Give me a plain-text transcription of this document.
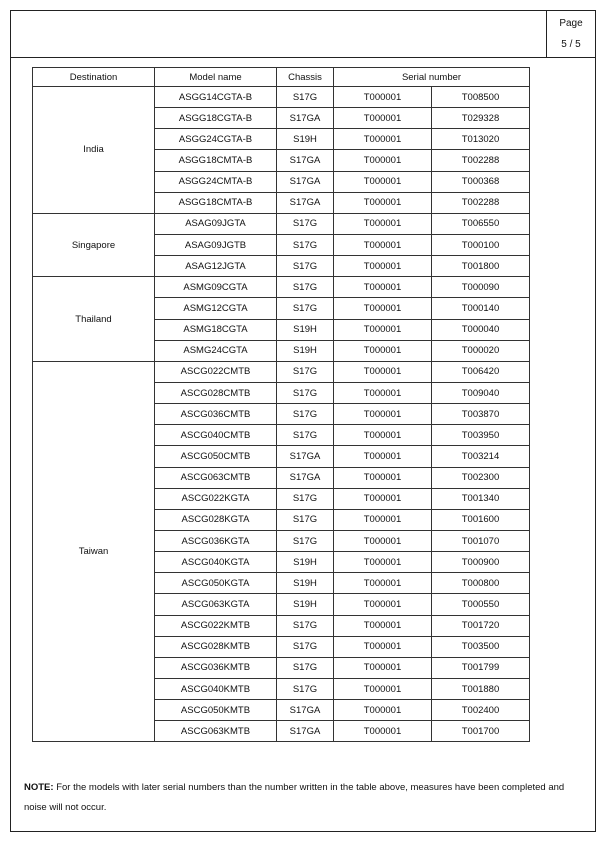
Page
5 / 5
Destination	Model name	Chassis	Serial number	
India	ASGG14CGTA-B	S17G	T000001	T008500
	ASGG18CGTA-B	S17GA	T000001	T029328
	ASGG24CGTA-B	S19H	T000001	T013020
	ASGG18CMTA-B	S17GA	T000001	T002288
	ASGG24CMTA-B	S17GA	T000001	T000368
	ASGG18CMTA-B	S17GA	T000001	T002288
Singapore	ASAG09JGTA	S17G	T000001	T006550
	ASAG09JGTB	S17G	T000001	T000100
	ASAG12JGTA	S17G	T000001	T001800
Thailand	ASMG09CGTA	S17G	T000001	T000090
	ASMG12CGTA	S17G	T000001	T000140
	ASMG18CGTA	S19H	T000001	T000040
	ASMG24CGTA	S19H	T000001	T000020
Taiwan	ASCG022CMTB	S17G	T000001	T006420
	ASCG028CMTB	S17G	T000001	T009040
	ASCG036CMTB	S17G	T000001	T003870
	ASCG040CMTB	S17G	T000001	T003950
	ASCG050CMTB	S17GA	T000001	T003214
	ASCG063CMTB	S17GA	T000001	T002300
	ASCG022KGTA	S17G	T000001	T001340
	ASCG028KGTA	S17G	T000001	T001600
	ASCG036KGTA	S17G	T000001	T001070
	ASCG040KGTA	S19H	T000001	T000900
	ASCG050KGTA	S19H	T000001	T000800
	ASCG063KGTA	S19H	T000001	T000550
	ASCG022KMTB	S17G	T000001	T001720
	ASCG028KMTB	S17G	T000001	T003500
	ASCG036KMTB	S17G	T000001	T001799
	ASCG040KMTB	S17G	T000001	T001880
	ASCG050KMTB	S17GA	T000001	T002400
	ASCG063KMTB	S17GA	T000001	T001700
NOTE: For the models with later serial numbers than the number written in the table above, measures have been completed and noise will not occur.
